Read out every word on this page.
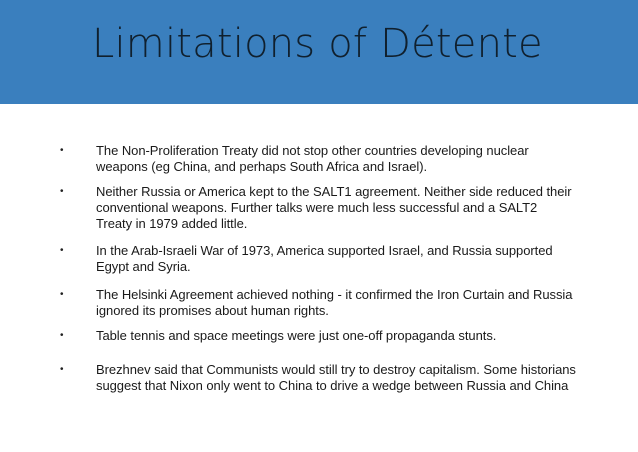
Limitations of Détente
• The Non-Proliferation Treaty did not stop other countries developing nuclear
weapons (eg China, and perhaps South Africa and Israel).

• Neither Russia or America kept to the SALT1 agreement. Neither side reduced their
conventional weapons. Further talks were much less successful and a SALT2
Treaty in 1979 added little.

• In the Arab-Israeli War of 1973, America supported Israel, and Russia supported
Egypt and Syria.

• The Helsinki Agreement achieved nothing - it confirmed the Iron Curtain and Russia
ignored its promises about human rights.

• Table tennis and space meetings were just one-off propaganda stunts.

• Brezhnev said that Communists would still try to destroy capitalism. Some historians
suggest that Nixon only went to China to drive a wedge between Russia and China
